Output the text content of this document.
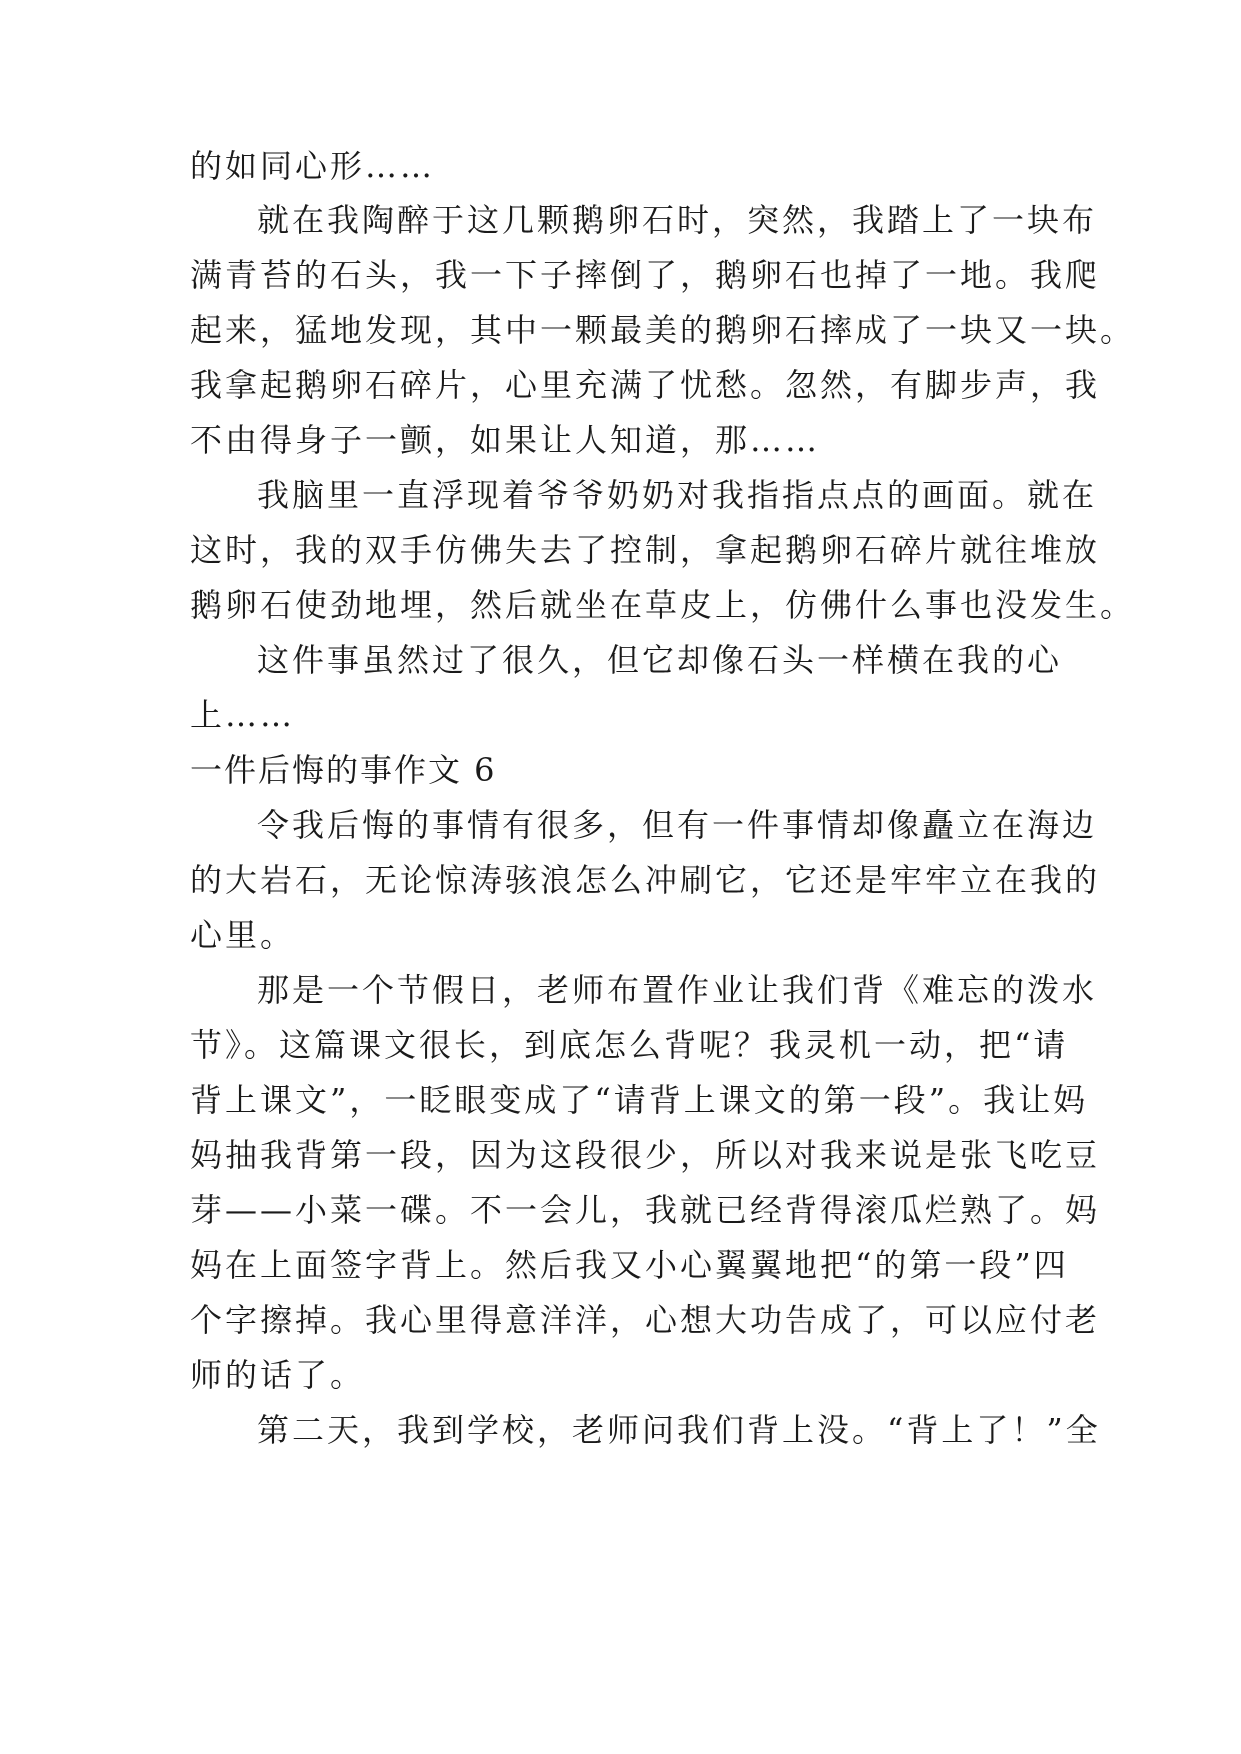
的如同心形……
就在我陶醉于这几颗鹅卵石时，突然，我踏上了一块布
满青苔的石头，我一下子摔倒了，鹅卵石也掉了一地。我爬
起来，猛地发现，其中一颗最美的鹅卵石摔成了一块又一块。
我拿起鹅卵石碎片，心里充满了忧愁。忽然，有脚步声，我
不由得身子一颤，如果让人知道，那……
我脑里一直浮现着爷爷奶奶对我指指点点的画面。就在
这时，我的双手仿佛失去了控制，拿起鹅卵石碎片就往堆放
鹅卵石使劲地埋，然后就坐在草皮上，仿佛什么事也没发生。
这件事虽然过了很久，但它却像石头一样横在我的心
上……
一件后悔的事作文 6
令我后悔的事情有很多，但有一件事情却像矗立在海边
的大岩石，无论惊涛骇浪怎么冲刷它，它还是牢牢立在我的
心里。
那是一个节假日，老师布置作业让我们背《难忘的泼水
节》。这篇课文很长，到底怎么背呢？我灵机一动，把“请
背上课文”，一眨眼变成了“请背上课文的第一段”。我让妈
妈抽我背第一段，因为这段很少，所以对我来说是张飞吃豆
芽——小菜一碟。不一会儿，我就已经背得滚瓜烂熟了。妈
妈在上面签字背上。然后我又小心翼翼地把“的第一段”四
个字擦掉。我心里得意洋洋，心想大功告成了，可以应付老
师的话了。
第二天，我到学校，老师问我们背上没。“背上了！”全
